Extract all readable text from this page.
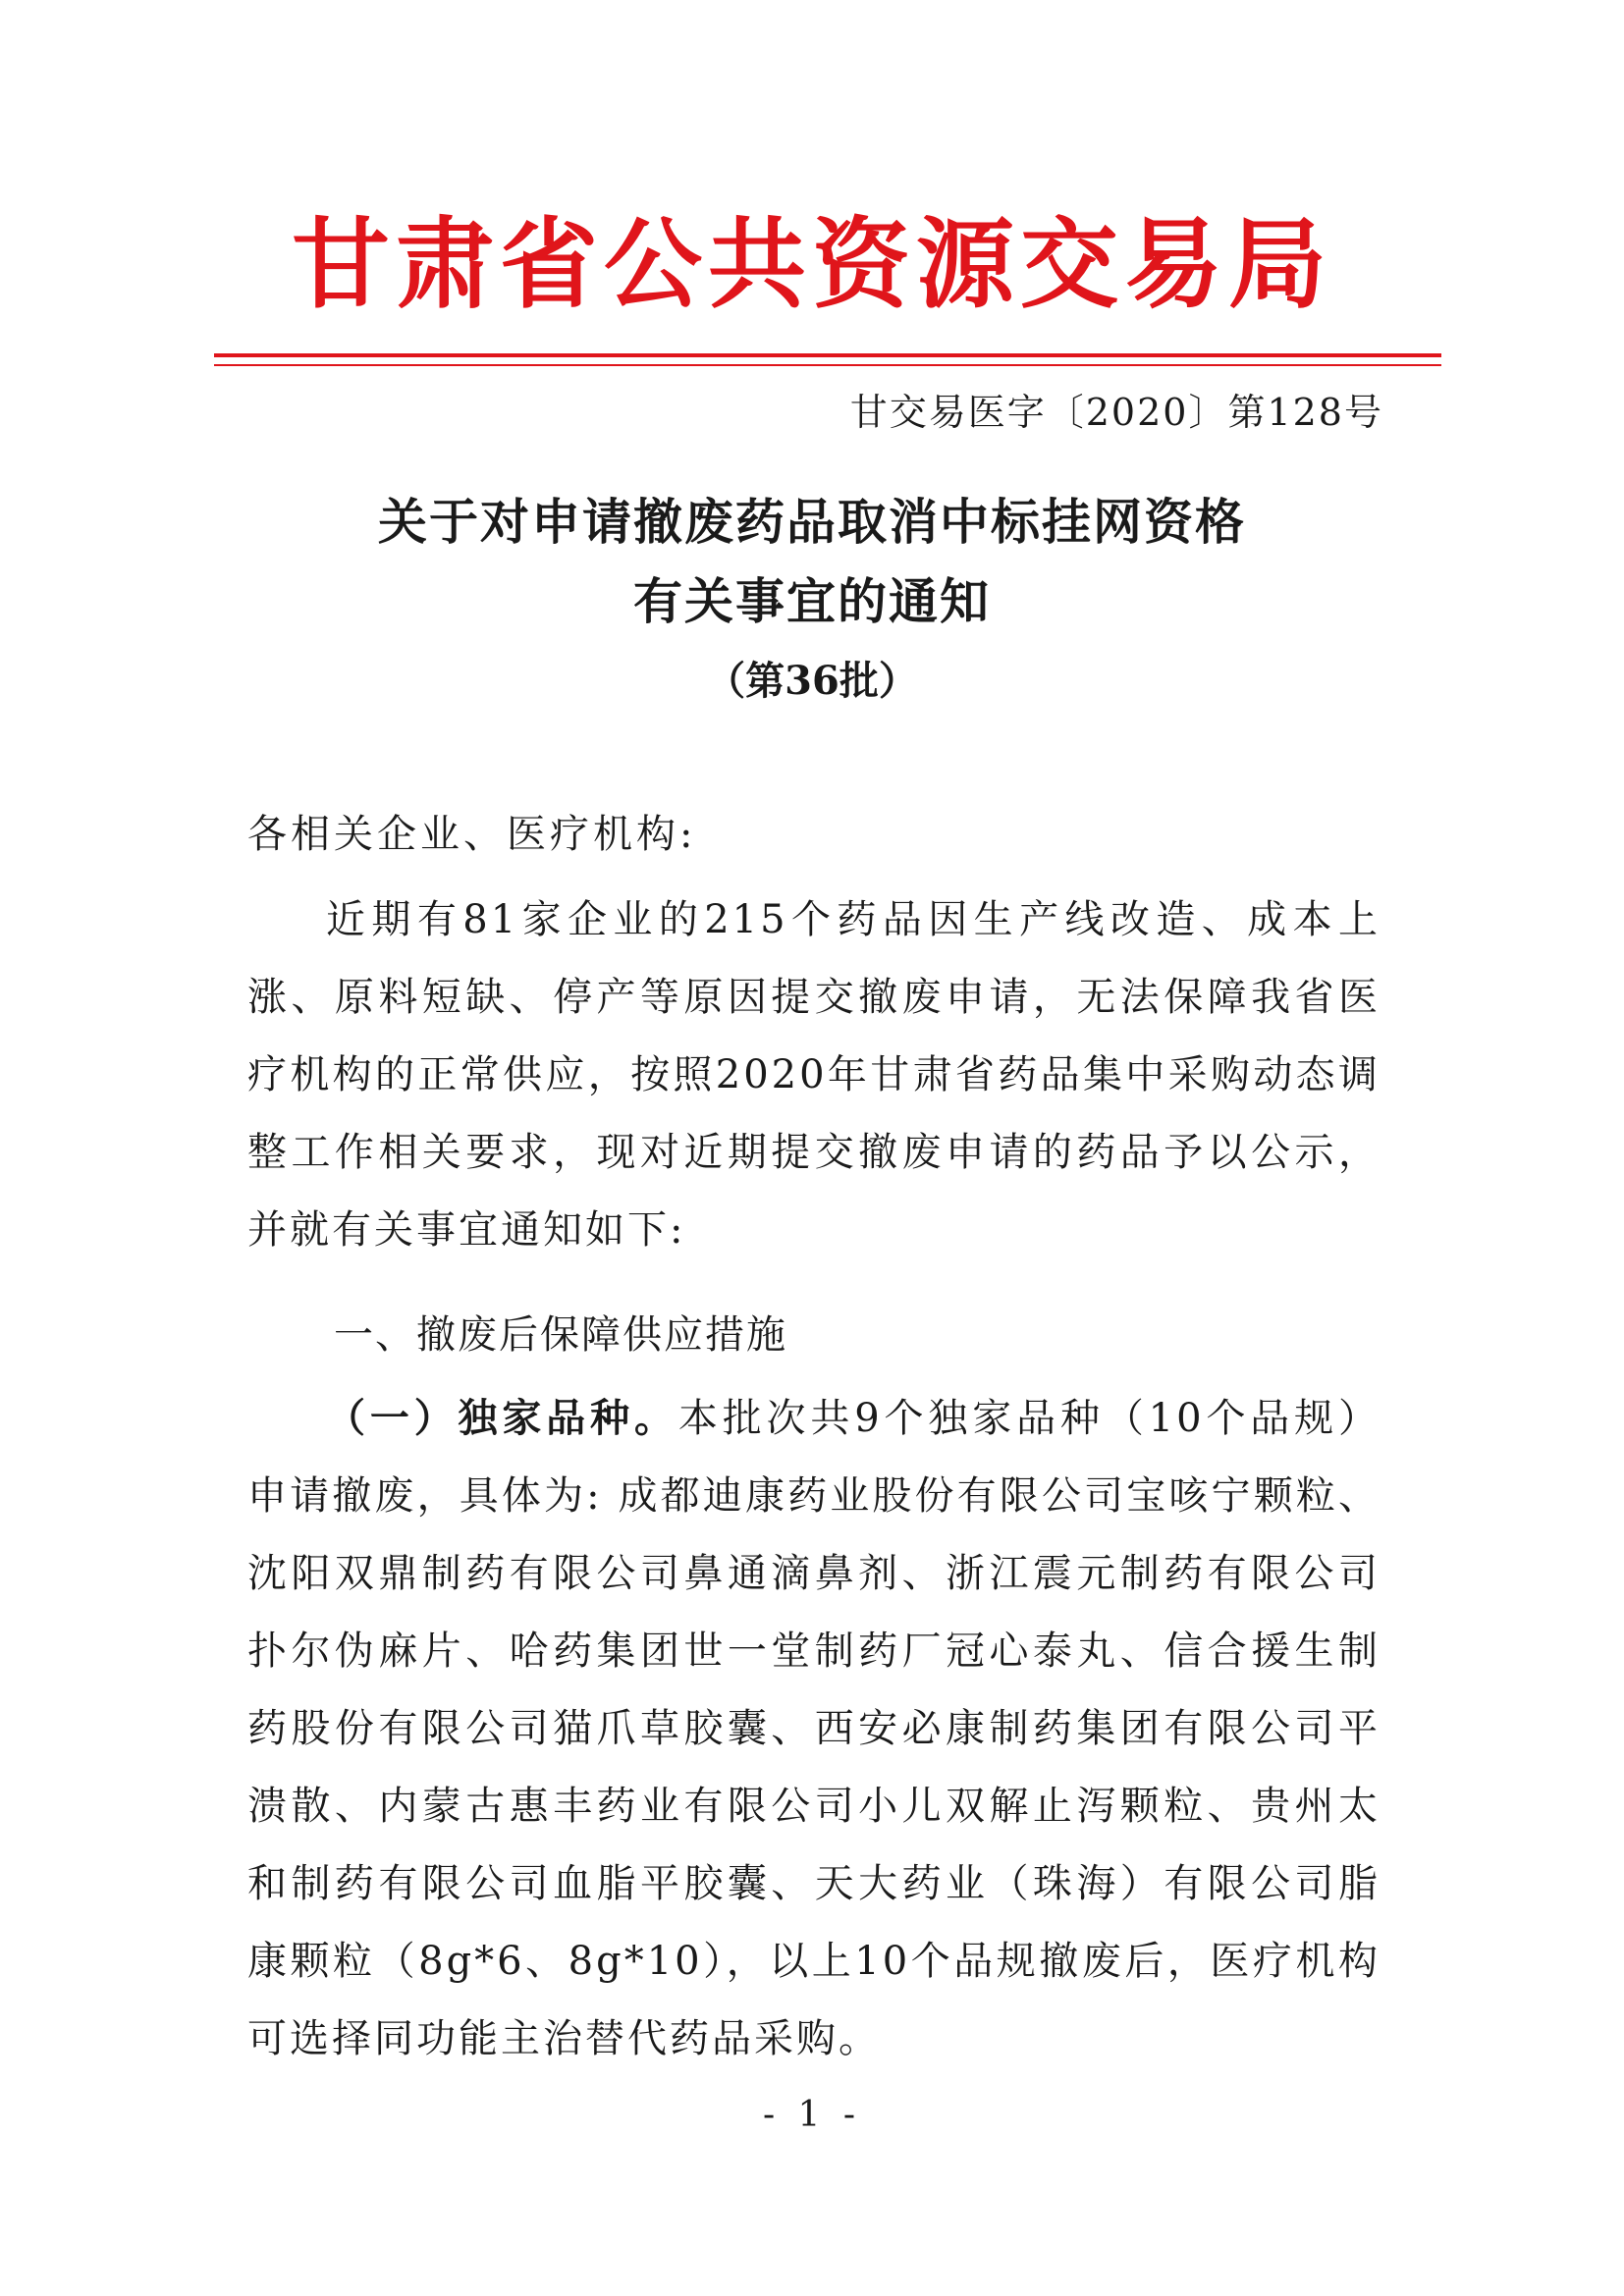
甘肃省公共资源交易局
甘交易医字〔2020〕第128号
关于对申请撤废药品取消中标挂网资格
有关事宜的通知
（第36批）
各相关企业、医疗机构:
近期有81家企业的215个药品因生产线改造、成本上涨、原料短缺、停产等原因提交撤废申请，无法保障我省医疗机构的正常供应，按照2020年甘肃省药品集中采购动态调整工作相关要求，现对近期提交撤废申请的药品予以公示，并就有关事宜通知如下:
一、撤废后保障供应措施
（一）独家品种。本批次共9个独家品种（10个品规）申请撤废，具体为: 成都迪康药业股份有限公司宝咳宁颗粒、沈阳双鼎制药有限公司鼻通滴鼻剂、浙江震元制药有限公司扑尔伪麻片、哈药集团世一堂制药厂冠心泰丸、信合援生制药股份有限公司猫爪草胶囊、西安必康制药集团有限公司平溃散、内蒙古惠丰药业有限公司小儿双解止泻颗粒、贵州太和制药有限公司血脂平胶囊、天大药业（珠海）有限公司脂康颗粒（8g*6、8g*10），以上10个品规撤废后，医疗机构可选择同功能主治替代药品采购。
- 1 -
